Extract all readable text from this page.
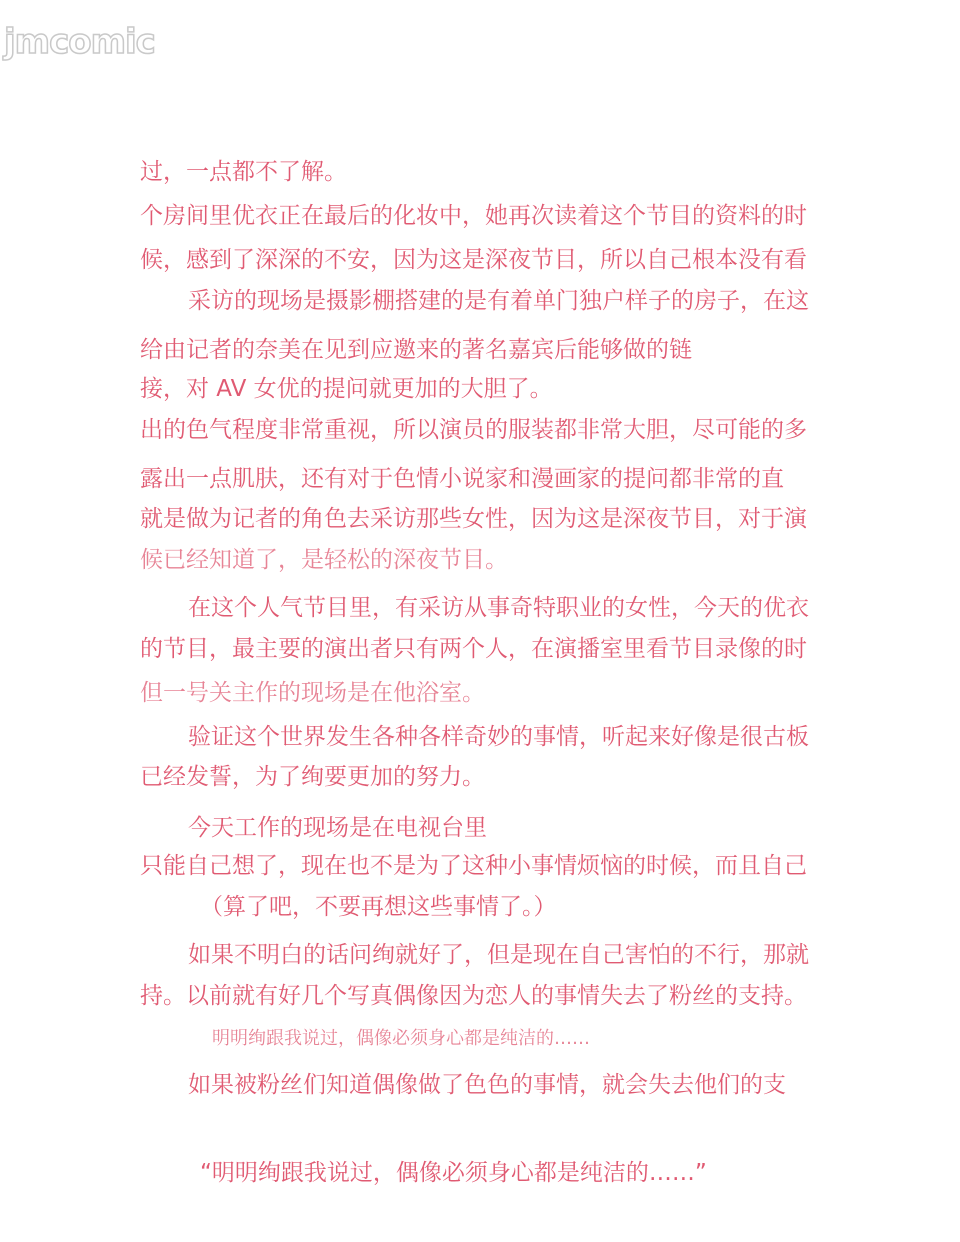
jmcomic
过，一点都不了解。
个房间里优衣正在最后的化妆中，她再次读着这个节目的资料的时
候，感到了深深的不安，因为这是深夜节目，所以自己根本没有看
采访的现场是摄影棚搭建的是有着单门独户样子的房子，在这
给由记者的奈美在见到应邀来的著名嘉宾后能够做的链
接，对 AV 女优的提问就更加的大胆了。
出的色气程度非常重视，所以演员的服装都非常大胆，尽可能的多
露出一点肌肤，还有对于色情小说家和漫画家的提问都非常的直
就是做为记者的角色去采访那些女性，因为这是深夜节目，对于演
候已经知道了，是轻松的深夜节目。
在这个人气节目里，有采访从事奇特职业的女性，今天的优衣
的节目，最主要的演出者只有两个人，在演播室里看节目录像的时
但一号关主作的现场是在他浴室。
验证这个世界发生各种各样奇妙的事情，听起来好像是很古板
已经发誓，为了绚要更加的努力。
今天工作的现场是在电视台里
只能自己想了，现在也不是为了这种小事情烦恼的时候，而且自己
（算了吧，不要再想这些事情了。）
如果不明白的话问绚就好了，但是现在自己害怕的不行，那就
持。以前就有好几个写真偶像因为恋人的事情失去了粉丝的支持。
明明绚跟我说过，偶像必须身心都是纯洁的……
如果被粉丝们知道偶像做了色色的事情，就会失去他们的支
“明明绚跟我说过，偶像必须身心都是纯洁的……”
